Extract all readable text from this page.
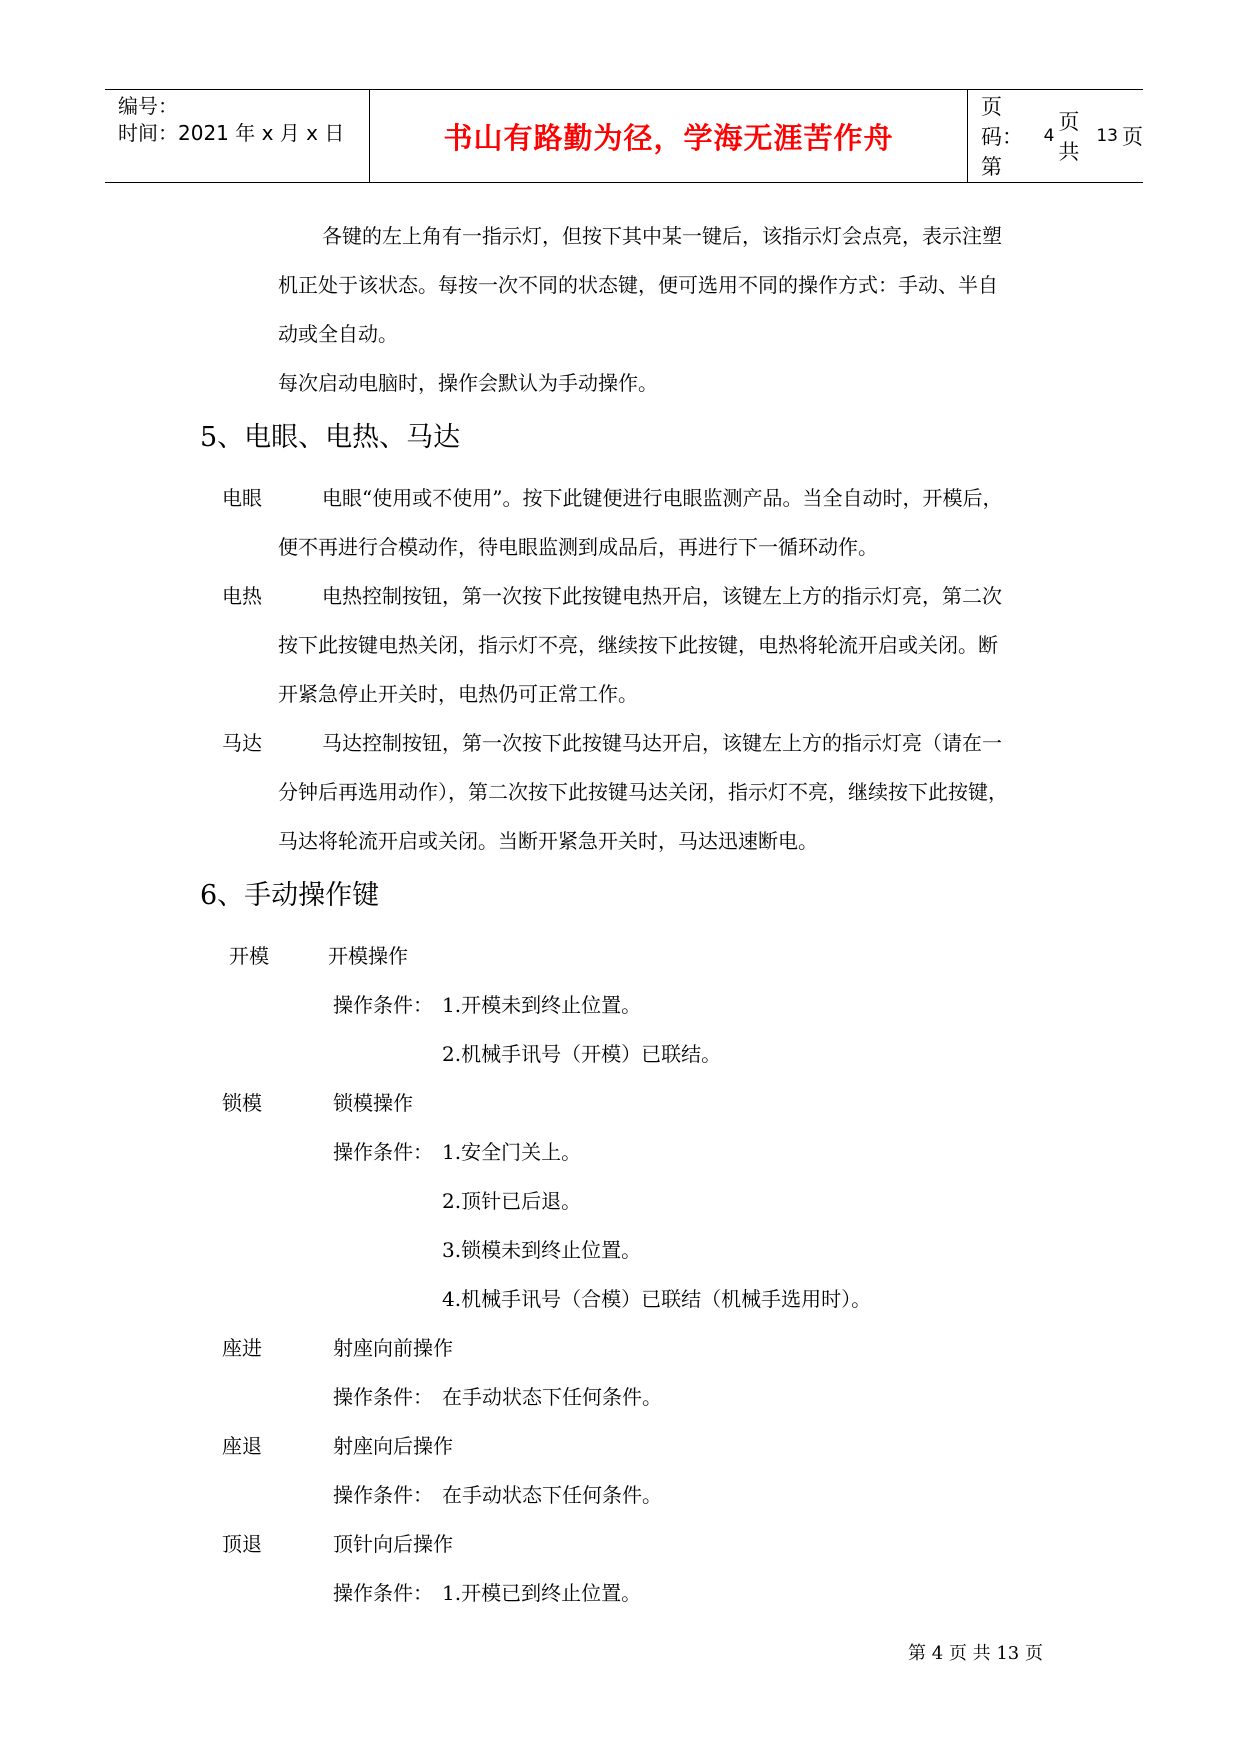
编号：
时间：2021 年 x 月 x 日	书山有路勤为径，学海无涯苦作舟
页码：第
4
页 共
13 页
各键的左上角有一指示灯，但按下其中某一键后，该指示灯会点亮，表示注塑
机正处于该状态。每按一次不同的状态键，便可选用不同的操作方式：手动、半自
动或全自动。
每次启动电脑时，操作会默认为手动操作。
5、电眼、电热、马达
电眼	电眼“使用或不使用”。按下此键便进行电眼监测产品。当全自动时，开模后，
便不再进行合模动作，待电眼监测到成品后，再进行下一循环动作。
电热	电热控制按钮，第一次按下此按键电热开启，该键左上方的指示灯亮，第二次
按下此按键电热关闭，指示灯不亮，继续按下此按键，电热将轮流开启或关闭。断
开紧急停止开关时，电热仍可正常工作。
马达	马达控制按钮，第一次按下此按键马达开启，该键左上方的指示灯亮（请在一
分钟后再选用动作），第二次按下此按键马达关闭，指示灯不亮，继续按下此按键，
马达将轮流开启或关闭。当断开紧急开关时，马达迅速断电。
6、手动操作键
开模	开模操作
操作条件： 1.开模未到终止位置。
2.机械手讯号（开模）已联结。
锁模	锁模操作
操作条件： 1.安全门关上。
2.顶针已后退。
3.锁模未到终止位置。
4.机械手讯号（合模）已联结（机械手选用时）。
座进	射座向前操作
操作条件： 在手动状态下任何条件。
座退	射座向后操作
操作条件： 在手动状态下任何条件。
顶退	顶针向后操作
操作条件： 1.开模已到终止位置。
第 4 页 共 13 页
